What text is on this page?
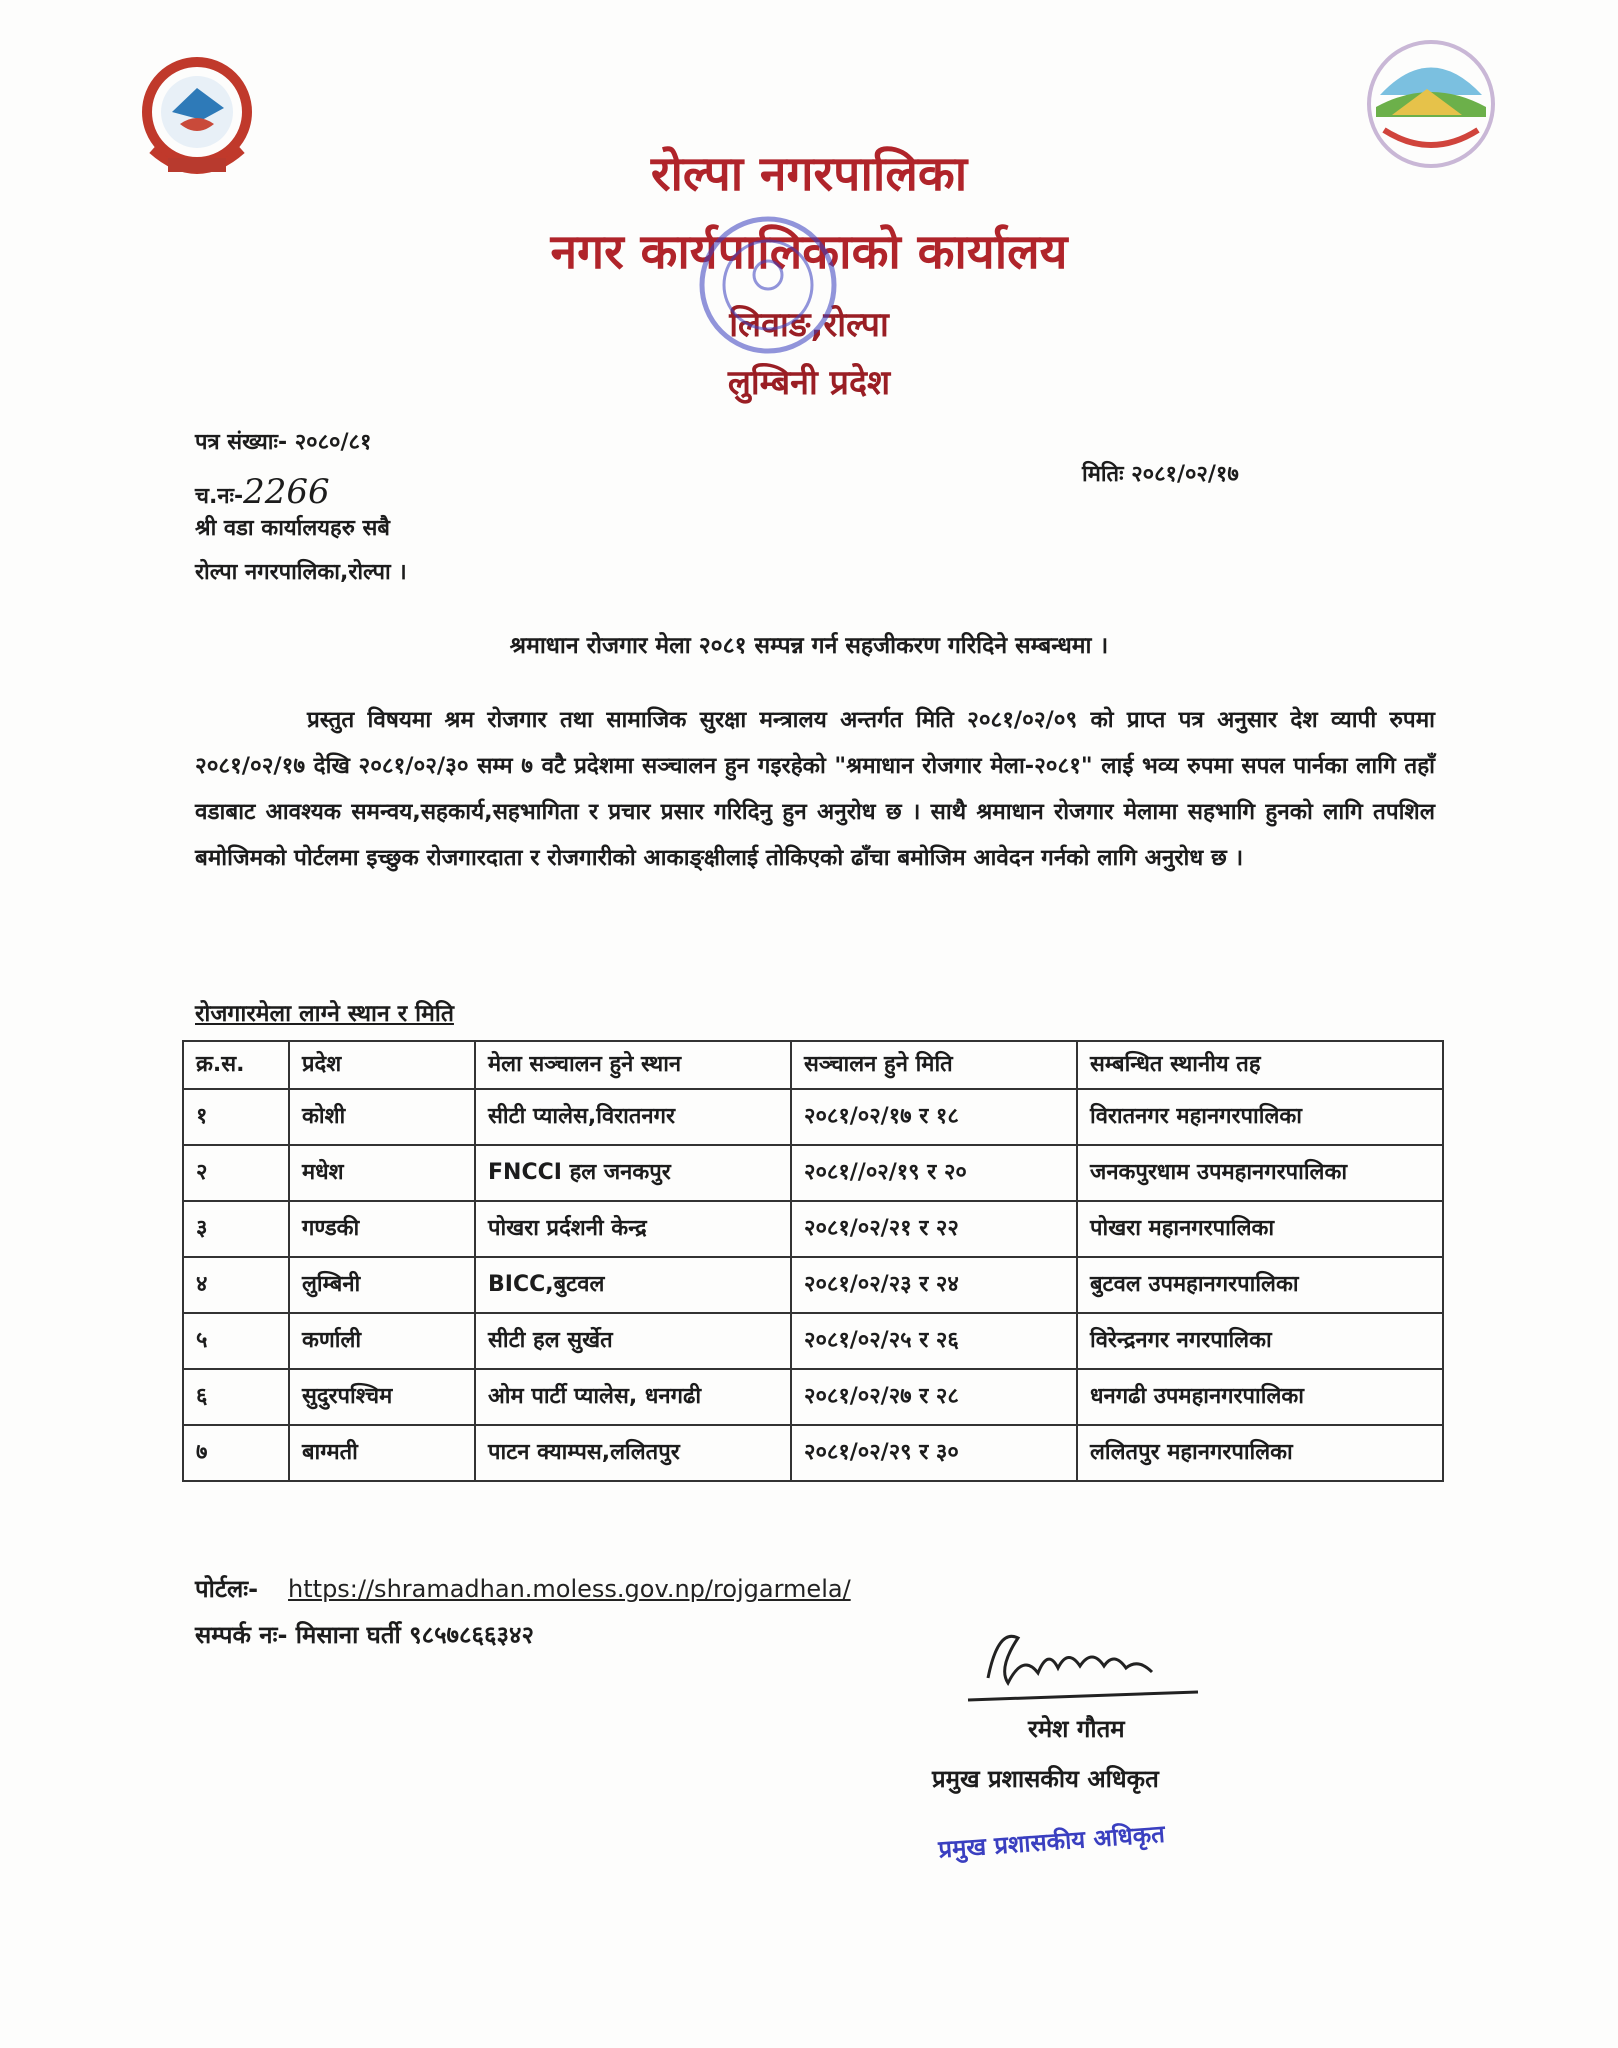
रोल्पा नगरपालिका
नगर कार्यपालिकाको कार्यालय
लिवाङ,रोल्पा
लुम्बिनी प्रदेश
पत्र संख्याः- २०८०/८१
च.नः-2266
श्री वडा कार्यालयहरु सबै
रोल्पा नगरपालिका,रोल्पा ।
मितिः २०८१/०२/१७
श्रमाधान रोजगार मेला २०८१ सम्पन्न गर्न सहजीकरण गरिदिने सम्बन्धमा ।
प्रस्तुत विषयमा श्रम रोजगार तथा सामाजिक सुरक्षा मन्त्रालय अन्तर्गत मिति २०८१/०२/०९ को प्राप्त पत्र अनुसार देश व्यापी रुपमा २०८१/०२/१७ देखि २०८१/०२/३० सम्म ७ वटै प्रदेशमा सञ्चालन हुन गइरहेको "श्रमाधान रोजगार मेला-२०८१" लाई भव्य रुपमा सपल पार्नका लागि तहाँ वडाबाट आवश्यक समन्वय,सहकार्य,सहभागिता र प्रचार प्रसार गरिदिनु हुन अनुरोध छ । साथै श्रमाधान रोजगार मेलामा सहभागि हुनको लागि तपशिल बमोजिमको पोर्टलमा इच्छुक रोजगारदाता र रोजगारीको आकाङ्क्षीलाई तोकिएको ढाँचा बमोजिम आवेदन गर्नको लागि अनुरोध छ ।
रोजगारमेला लाग्ने स्थान र मिति
क्र.स.	प्रदेश	मेला सञ्चालन हुने स्थान	सञ्चालन हुने मिति	सम्बन्धित स्थानीय तह
१	कोशी	सीटी प्यालेस,विरातनगर	२०८१/०२/१७ र १८	विरातनगर महानगरपालिका
२	मधेश	FNCCI हल जनकपुर	२०८१//०२/१९ र २०	जनकपुरधाम उपमहानगरपालिका
३	गण्डकी	पोखरा प्रर्दशनी केन्द्र	२०८१/०२/२१ र २२	पोखरा महानगरपालिका
४	लुम्बिनी	BICC,बुटवल	२०८१/०२/२३ र २४	बुटवल उपमहानगरपालिका
५	कर्णाली	सीटी हल सुर्खेत	२०८१/०२/२५ र २६	विरेन्द्रनगर नगरपालिका
६	सुदुरपश्चिम	ओम पार्टी प्यालेस, धनगढी	२०८१/०२/२७ र २८	धनगढी उपमहानगरपालिका
७	बाग्मती	पाटन क्याम्पस,ललितपुर	२०८१/०२/२९ र ३०	ललितपुर महानगरपालिका
पोर्टलः- https://shramadhan.moless.gov.np/rojgarmela/
सम्पर्क नः- मिसाना घर्ती ९८५७८६६३४२
रमेश गौतम
प्रमुख प्रशासकीय अधिकृत
प्रमुख प्रशासकीय अधिकृत
